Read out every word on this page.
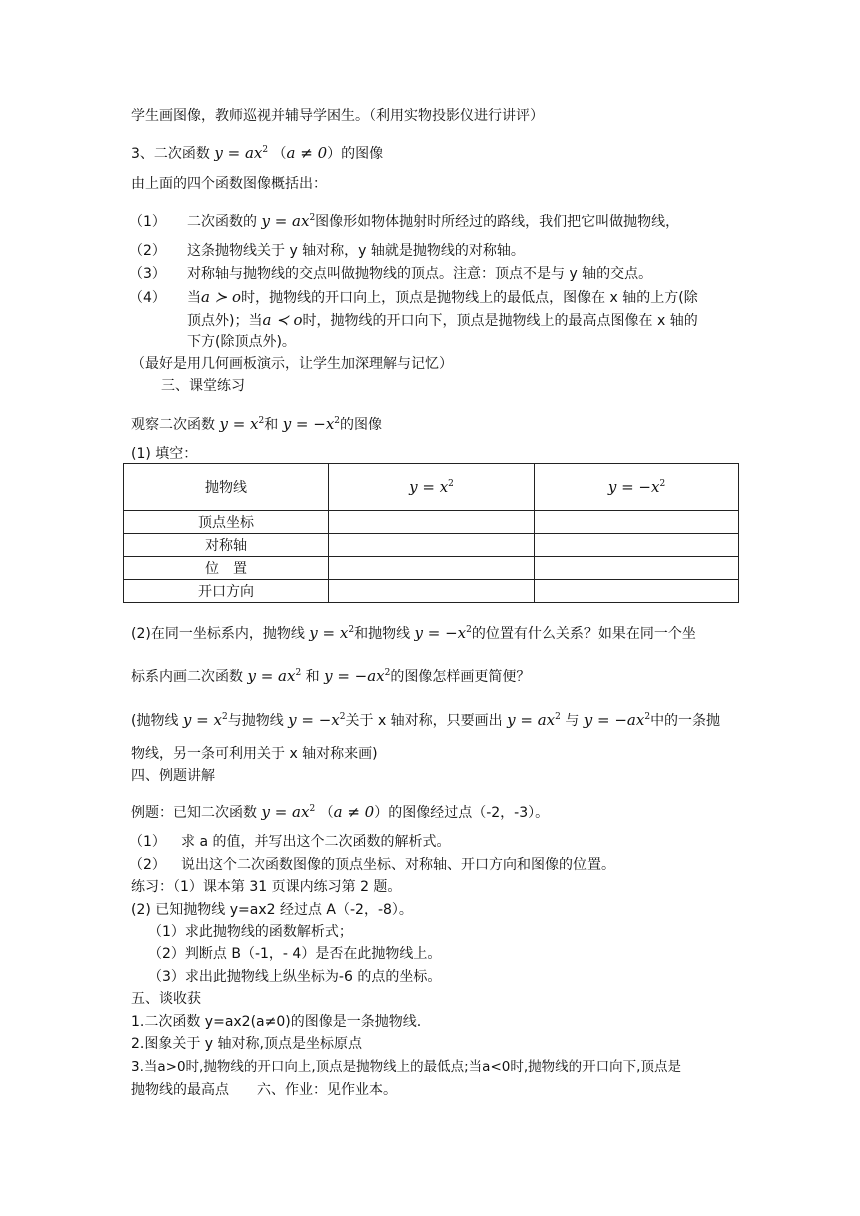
学生画图像，教师巡视并辅导学困生。（利用实物投影仪进行讲评）
3、二次函数 $y = ax^2$ （a ≠ 0）的图像
由上面的四个函数图像概括出：
（1） 二次函数的 $y = ax^2$图像形如物体抛射时所经过的路线，我们把它叫做抛物线，
（2） 这条抛物线关于 y 轴对称，y 轴就是抛物线的对称轴。
（3） 对称轴与抛物线的交点叫做抛物线的顶点。注意：顶点不是与 y 轴的交点。
（4） 当a ≻ o时，抛物线的开口向上，顶点是抛物线上的最低点，图像在 x 轴的上方(除
顶点外)；当a ≺ o时，抛物线的开口向下，顶点是抛物线上的最高点图像在 x 轴的
下方(除顶点外)。
（最好是用几何画板演示，让学生加深理解与记忆）
三、课堂练习
观察二次函数 $y = x^2$和 $y = -x^2$的图像
(1) 填空：
抛物线	$y = x^2$	$y = -x^2$
顶点坐标		
对称轴		
位　置		
开口方向		
(2)在同一坐标系内，抛物线 $y = x^2$和抛物线 $y = -x^2$的位置有什么关系？如果在同一个坐
标系内画二次函数 $y = ax^2$ 和 $y = -ax^2$的图像怎样画更简便？
(抛物线 $y = x^2$与抛物线 $y = -x^2$关于 x 轴对称，只要画出 $y = ax^2$ 与 $y = -ax^2$中的一条抛
物线，另一条可利用关于 x 轴对称来画)
四、例题讲解
例题：已知二次函数 $y = ax^2$ （a ≠ 0）的图像经过点（-2，-3）。
（1） 求 a 的值，并写出这个二次函数的解析式。
（2） 说出这个二次函数图像的顶点坐标、对称轴、开口方向和图像的位置。
练习：（1）课本第 31 页课内练习第 2 题。
(2) 已知抛物线 y=ax2 经过点 A（-2，-8）。
（1）求此抛物线的函数解析式；
（2）判断点 B（-1，- 4）是否在此抛物线上。
（3）求出此抛物线上纵坐标为-6 的点的坐标。
五、谈收获
1.二次函数 y=ax2(a≠0)的图像是一条抛物线.
2.图象关于 y 轴对称,顶点是坐标原点
3.当a>0时,抛物线的开口向上,顶点是抛物线上的最低点;当a<0时,抛物线的开口向下,顶点是
抛物线的最高点　　六、作业：见作业本。
